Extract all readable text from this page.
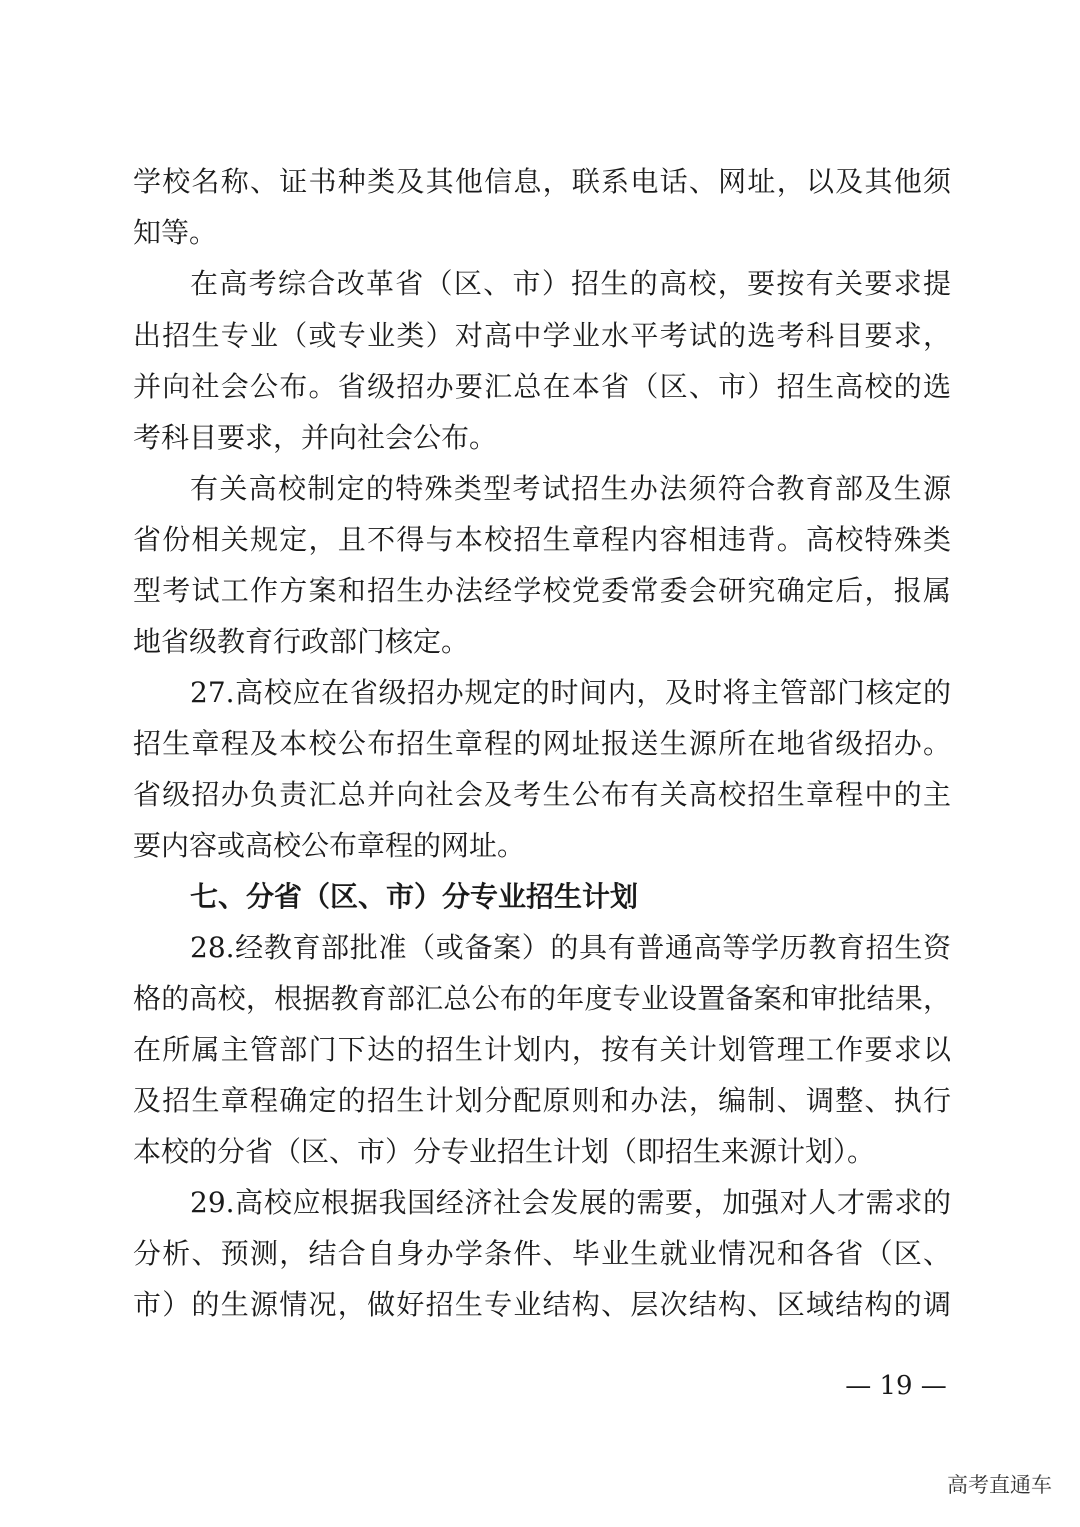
学校名称、证书种类及其他信息，联系电话、网址，以及其他须
知等。
在高考综合改革省（区、市）招生的高校，要按有关要求提
出招生专业（或专业类）对高中学业水平考试的选考科目要求，
并向社会公布。省级招办要汇总在本省（区、市）招生高校的选
考科目要求，并向社会公布。
有关高校制定的特殊类型考试招生办法须符合教育部及生源
省份相关规定，且不得与本校招生章程内容相违背。高校特殊类
型考试工作方案和招生办法经学校党委常委会研究确定后，报属
地省级教育行政部门核定。
27.高校应在省级招办规定的时间内，及时将主管部门核定的
招生章程及本校公布招生章程的网址报送生源所在地省级招办。
省级招办负责汇总并向社会及考生公布有关高校招生章程中的主
要内容或高校公布章程的网址。
七、分省（区、市）分专业招生计划
28.经教育部批准（或备案）的具有普通高等学历教育招生资
格的高校，根据教育部汇总公布的年度专业设置备案和审批结果，
在所属主管部门下达的招生计划内，按有关计划管理工作要求以
及招生章程确定的招生计划分配原则和办法，编制、调整、执行
本校的分省（区、市）分专业招生计划（即招生来源计划）。
29.高校应根据我国经济社会发展的需要，加强对人才需求的
分析、预测，结合自身办学条件、毕业生就业情况和各省（区、
市）的生源情况，做好招生专业结构、层次结构、区域结构的调
— 19 —
高考直通车
